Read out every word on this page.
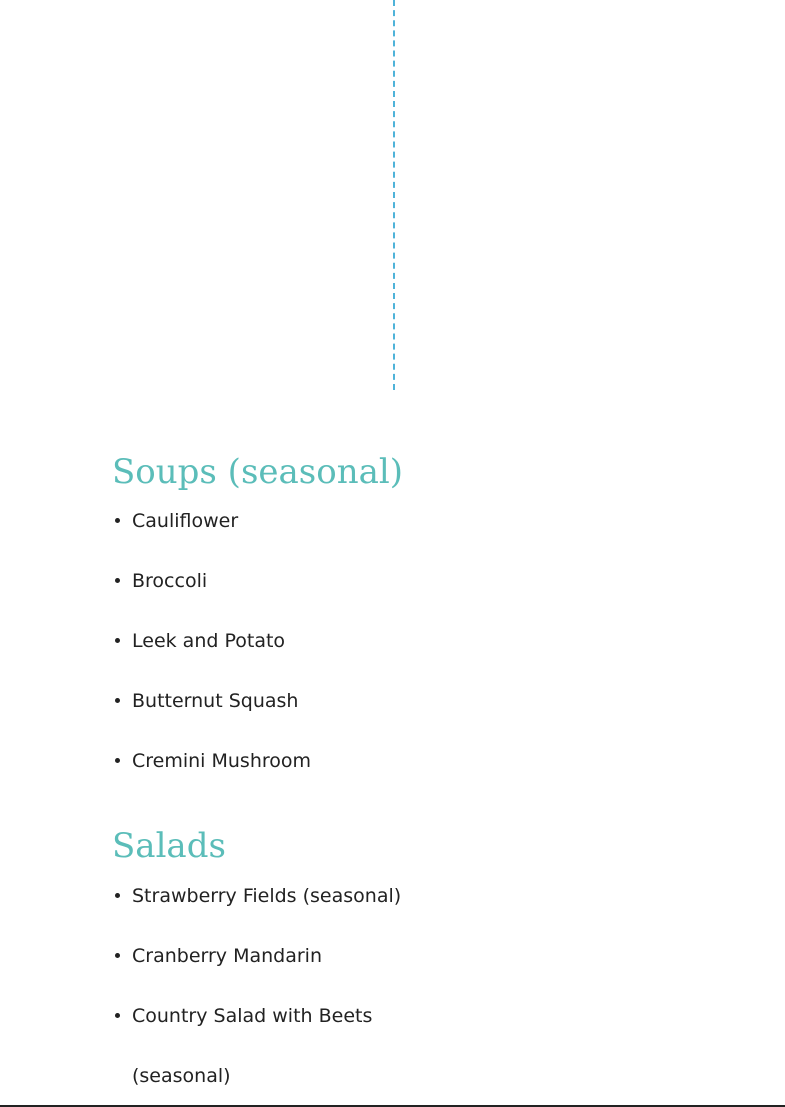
Soups (seasonal)
Cauliflower
Broccoli
Leek and Potato
Butternut Squash
Cremini Mushroom
Salads
Strawberry Fields (seasonal)
Cranberry Mandarin
Country Salad with Beets (seasonal)
